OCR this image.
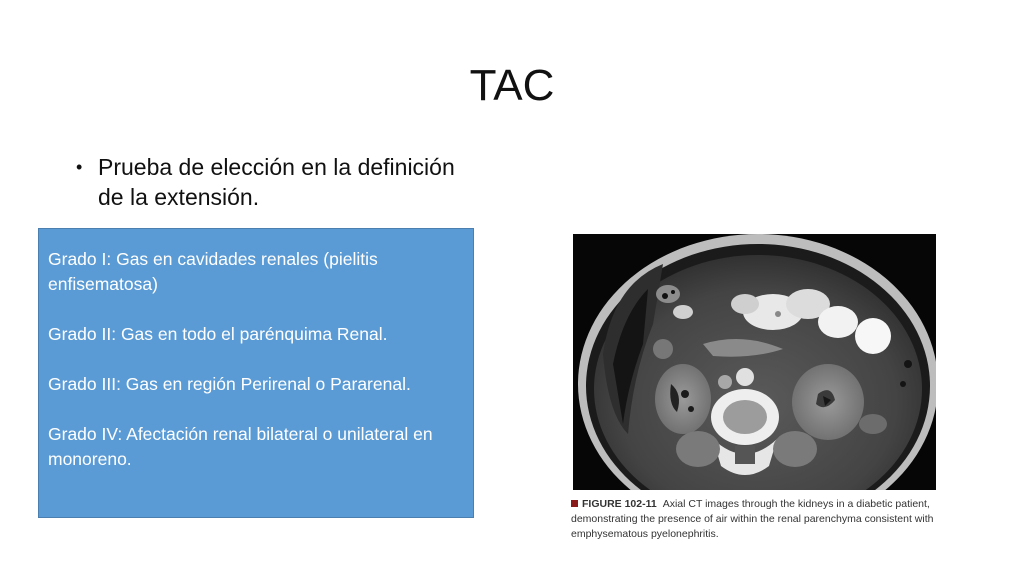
TAC
• Prueba de elección en la definición de la extensión.

Grado I: Gas en cavidades renales (pielitis enfisematosa)

Grado II: Gas en todo el parénquima Renal.

Grado III: Gas en región Perirenal o Pararenal.

Grado IV: Afectación renal bilateral o unilateral en monoreno.

FIGURE 102-11 Axial CT images through the kidneys in a diabetic patient, demonstrating the presence of air within the renal parenchyma consistent with emphysematous pyelonephritis.
